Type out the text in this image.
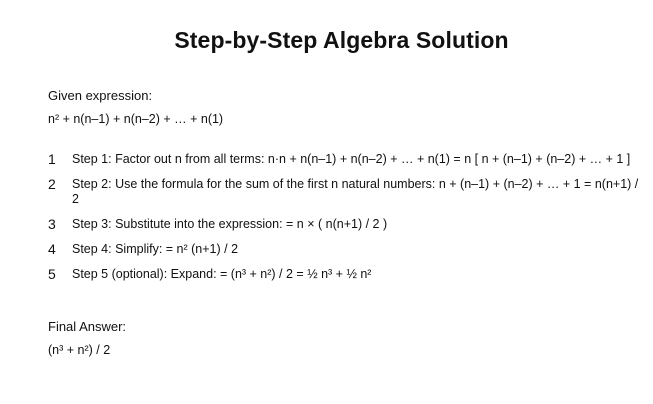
Step-by-Step Algebra Solution
Given expression:
n² + n(n–1) + n(n–2) + … + n(1)
1 Step 1: Factor out n from all terms: n·n + n(n–1) + n(n–2) + … + n(1) = n [ n + (n–1) + (n–2) + … + 1 ]
2 Step 2: Use the formula for the sum of the first n natural numbers: n + (n–1) + (n–2) + … + 1 = n(n+1) / 2
3 Step 3: Substitute into the expression: = n × ( n(n+1) / 2 )
4 Step 4: Simplify: = n² (n+1) / 2
5 Step 5 (optional): Expand: = (n³ + n²) / 2 = ½ n³ + ½ n²
Final Answer:
(n³ + n²) / 2
